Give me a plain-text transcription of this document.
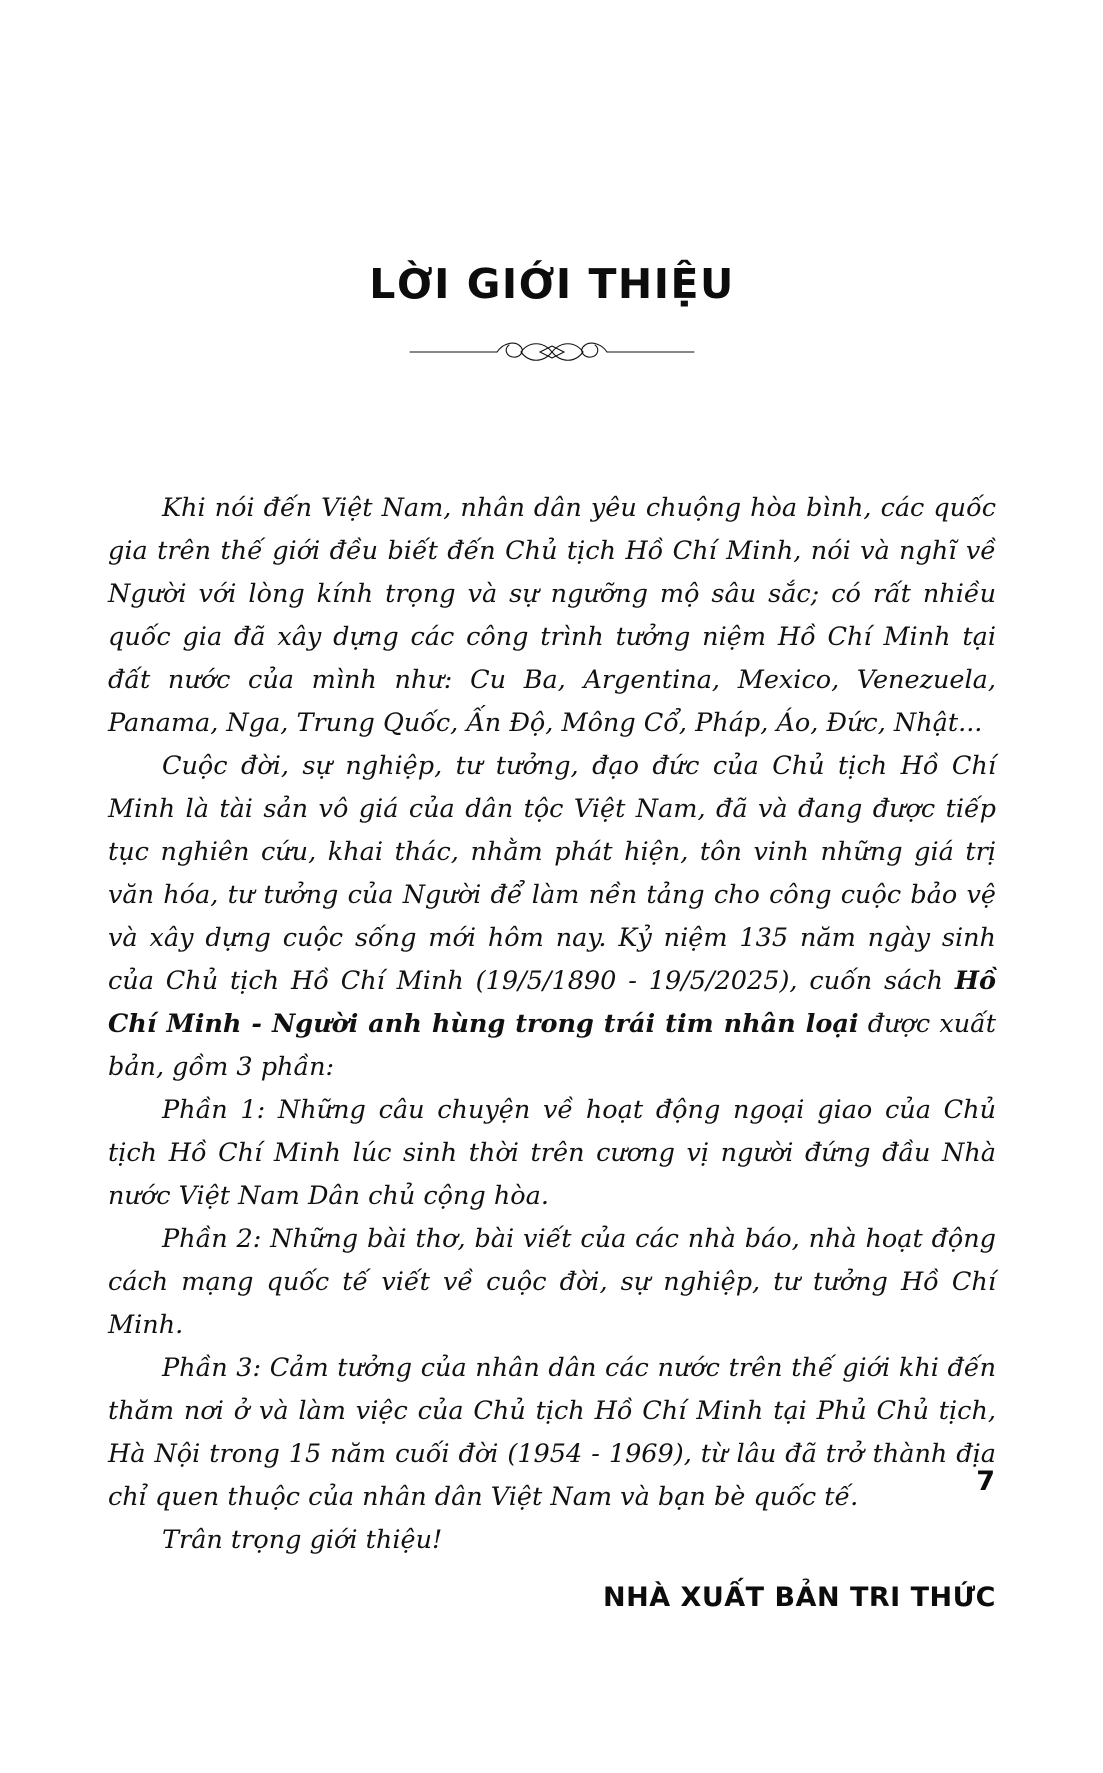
LỜI GIỚI THIỆU

Khi nói đến Việt Nam, nhân dân yêu chuộng hòa bình, các quốc gia trên thế giới đều biết đến Chủ tịch Hồ Chí Minh, nói và nghĩ về Người với lòng kính trọng và sự ngưỡng mộ sâu sắc; có rất nhiều quốc gia đã xây dựng các công trình tưởng niệm Hồ Chí Minh tại đất nước của mình như: Cu Ba, Argentina, Mexico, Venezuela, Panama, Nga, Trung Quốc, Ấn Độ, Mông Cổ, Pháp, Áo, Đức, Nhật...

Cuộc đời, sự nghiệp, tư tưởng, đạo đức của Chủ tịch Hồ Chí Minh là tài sản vô giá của dân tộc Việt Nam, đã và đang được tiếp tục nghiên cứu, khai thác, nhằm phát hiện, tôn vinh những giá trị văn hóa, tư tưởng của Người để làm nền tảng cho công cuộc bảo vệ và xây dựng cuộc sống mới hôm nay. Kỷ niệm 135 năm ngày sinh của Chủ tịch Hồ Chí Minh (19/5/1890 - 19/5/2025), cuốn sách Hồ Chí Minh - Người anh hùng trong trái tim nhân loại được xuất bản, gồm 3 phần:

Phần 1: Những câu chuyện về hoạt động ngoại giao của Chủ tịch Hồ Chí Minh lúc sinh thời trên cương vị người đứng đầu Nhà nước Việt Nam Dân chủ cộng hòa.

Phần 2: Những bài thơ, bài viết của các nhà báo, nhà hoạt động cách mạng quốc tế viết về cuộc đời, sự nghiệp, tư tưởng Hồ Chí Minh.

Phần 3: Cảm tưởng của nhân dân các nước trên thế giới khi đến thăm nơi ở và làm việc của Chủ tịch Hồ Chí Minh tại Phủ Chủ tịch, Hà Nội trong 15 năm cuối đời (1954 - 1969), từ lâu đã trở thành địa chỉ quen thuộc của nhân dân Việt Nam và bạn bè quốc tế.

Trân trọng giới thiệu!

NHÀ XUẤT BẢN TRI THỨC
7
